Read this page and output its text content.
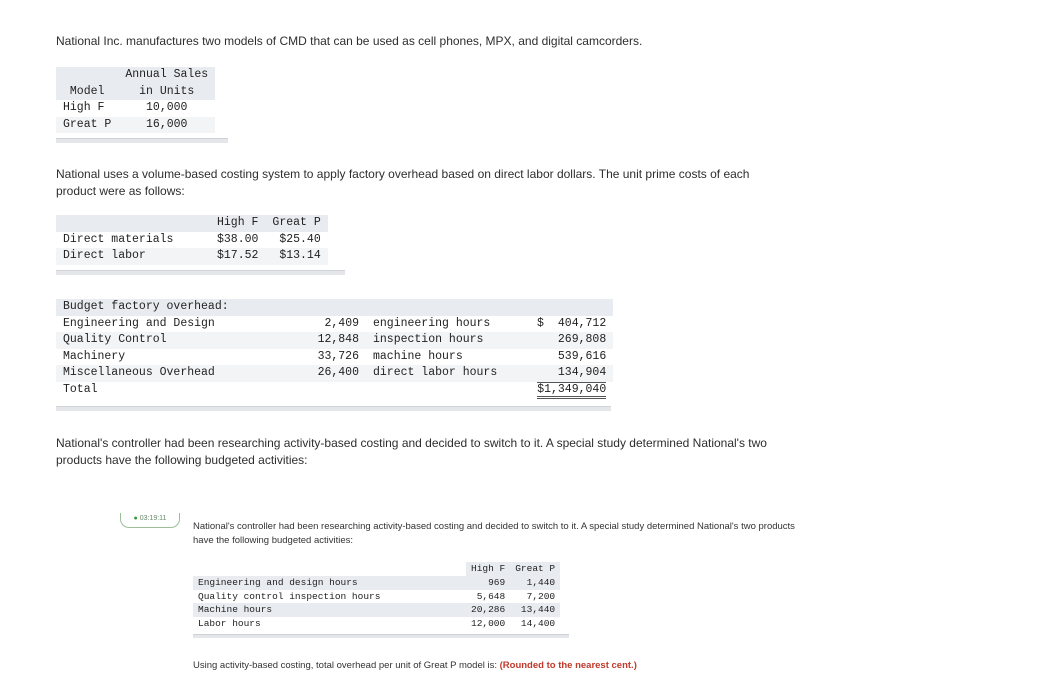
National Inc. manufactures two models of CMD that can be used as cell phones, MPX, and digital camcorders.
	Annual Sales
Model	in Units
High F	10,000
Great P	16,000
National uses a volume-based costing system to apply factory overhead based on direct labor dollars. The unit prime costs of each product were as follows:
	High F	Great P
Direct materials	$38.00	$25.40
Direct labor	$17.52	$13.14
Budget factory overhead:				
Engineering and Design	2,409	engineering hours	$	404,712
Quality Control	12,848	inspection hours		269,808
Machinery	33,726	machine hours		539,616
Miscellaneous Overhead	26,400	direct labor hours		134,904
Total			$1,349,040	
National's controller had been researching activity-based costing and decided to switch to it. A special study determined National's two products have the following budgeted activities:
● 03:19:11
National's controller had been researching activity-based costing and decided to switch to it. A special study determined National's two products have the following budgeted activities:
	High F	Great P
Engineering and design hours	969	1,440
Quality control inspection hours	5,648	7,200
Machine hours	20,286	13,440
Labor hours	12,000	14,400
Using activity-based costing, total overhead per unit of Great P model is: (Rounded to the nearest cent.)
